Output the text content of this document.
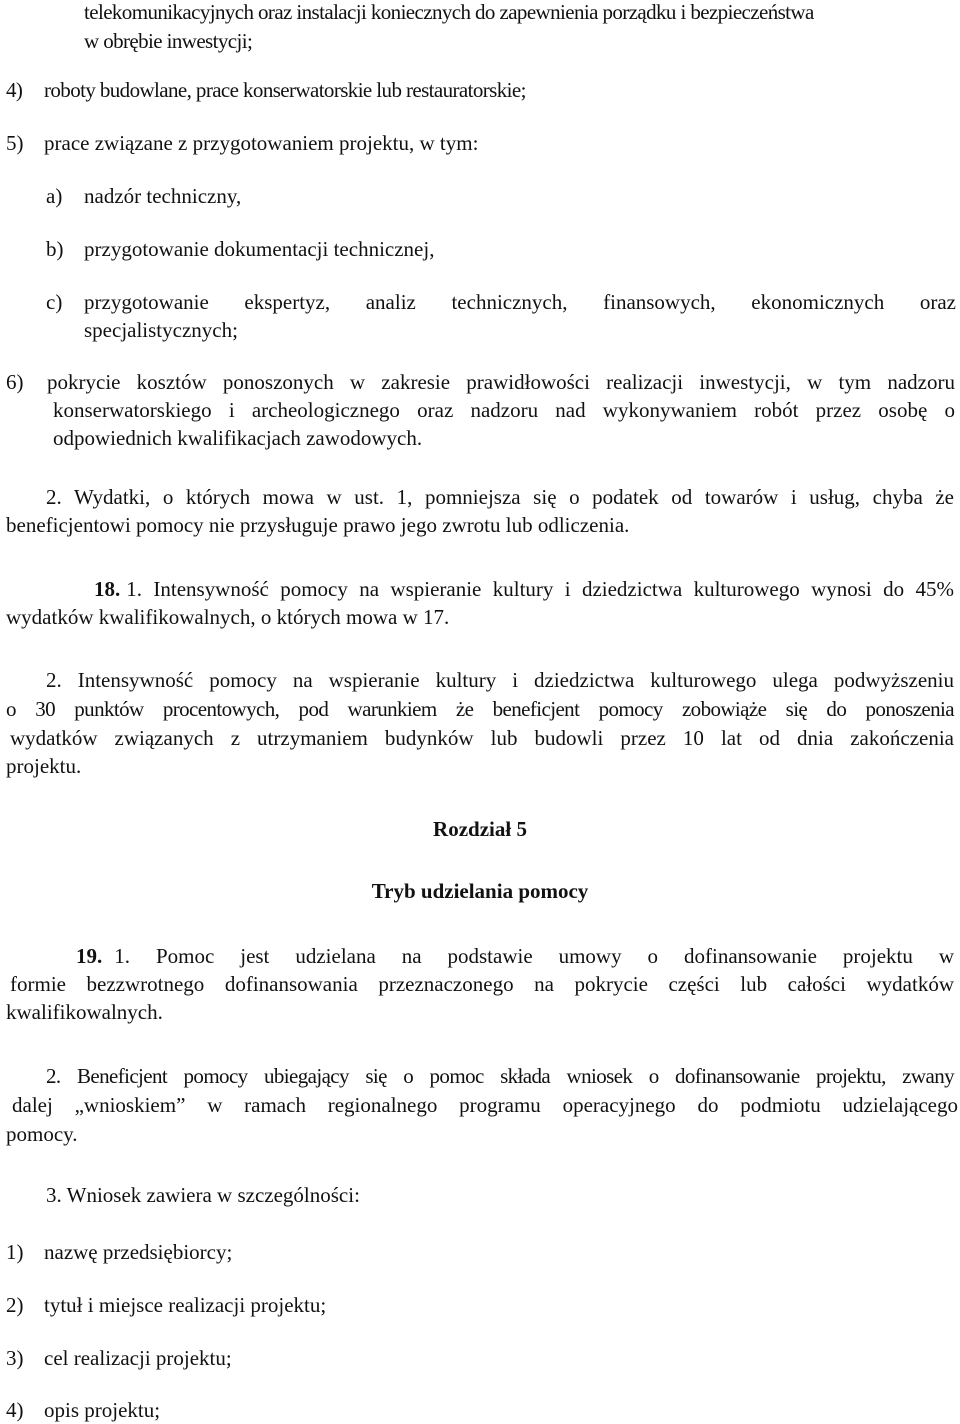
telekomunikacyjnych oraz instalacji koniecznych do zapewnienia porządku i bezpieczeństwa
w obrębie inwestycji;
4) roboty budowlane, prace konserwatorskie lub restauratorskie;
5) prace związane z przygotowaniem projektu, w tym:
a) nadzór techniczny,
b) przygotowanie dokumentacji technicznej,
c)	przygotowanie ekspertyz, analiz technicznych, finansowych, ekonomicznych oraz
specjalistycznych;
6)	pokrycie kosztów ponoszonych w zakresie prawidłowości realizacji inwestycji, w tym nadzoru
konserwatorskiego i archeologicznego oraz nadzoru nad wykonywaniem robót przez osobę o
odpowiednich kwalifikacjach zawodowych.
2. Wydatki, o których mowa w ust. 1, pomniejsza się o podatek od towarów i usług, chyba że
beneficjentowi pomocy nie przysługuje prawo jego zwrotu lub odliczenia.
18. 1. Intensywność pomocy na wspieranie kultury i dziedzictwa kulturowego wynosi do 45%
wydatków kwalifikowalnych, o których mowa w 17.
2. Intensywność pomocy na wspieranie kultury i dziedzictwa kulturowego ulega podwyższeniu
o 30 punktów procentowych, pod warunkiem że beneficjent pomocy zobowiąże się do ponoszenia
wydatków związanych z utrzymaniem budynków lub budowli przez 10 lat od dnia zakończenia
projektu.
Rozdział 5
Tryb udzielania pomocy
19. 1. Pomoc jest udzielana na podstawie umowy o dofinansowanie projektu w
formie bezzwrotnego dofinansowania przeznaczonego na pokrycie części lub całości wydatków
kwalifikowalnych.
2. Beneficjent pomocy ubiegający się o pomoc składa wniosek o dofinansowanie projektu, zwany
dalej „wnioskiem” w ramach regionalnego programu operacyjnego do podmiotu udzielającego
pomocy.
3. Wniosek zawiera w szczególności:
1) nazwę przedsiębiorcy;
2) tytuł i miejsce realizacji projektu;
3) cel realizacji projektu;
4) opis projektu;
